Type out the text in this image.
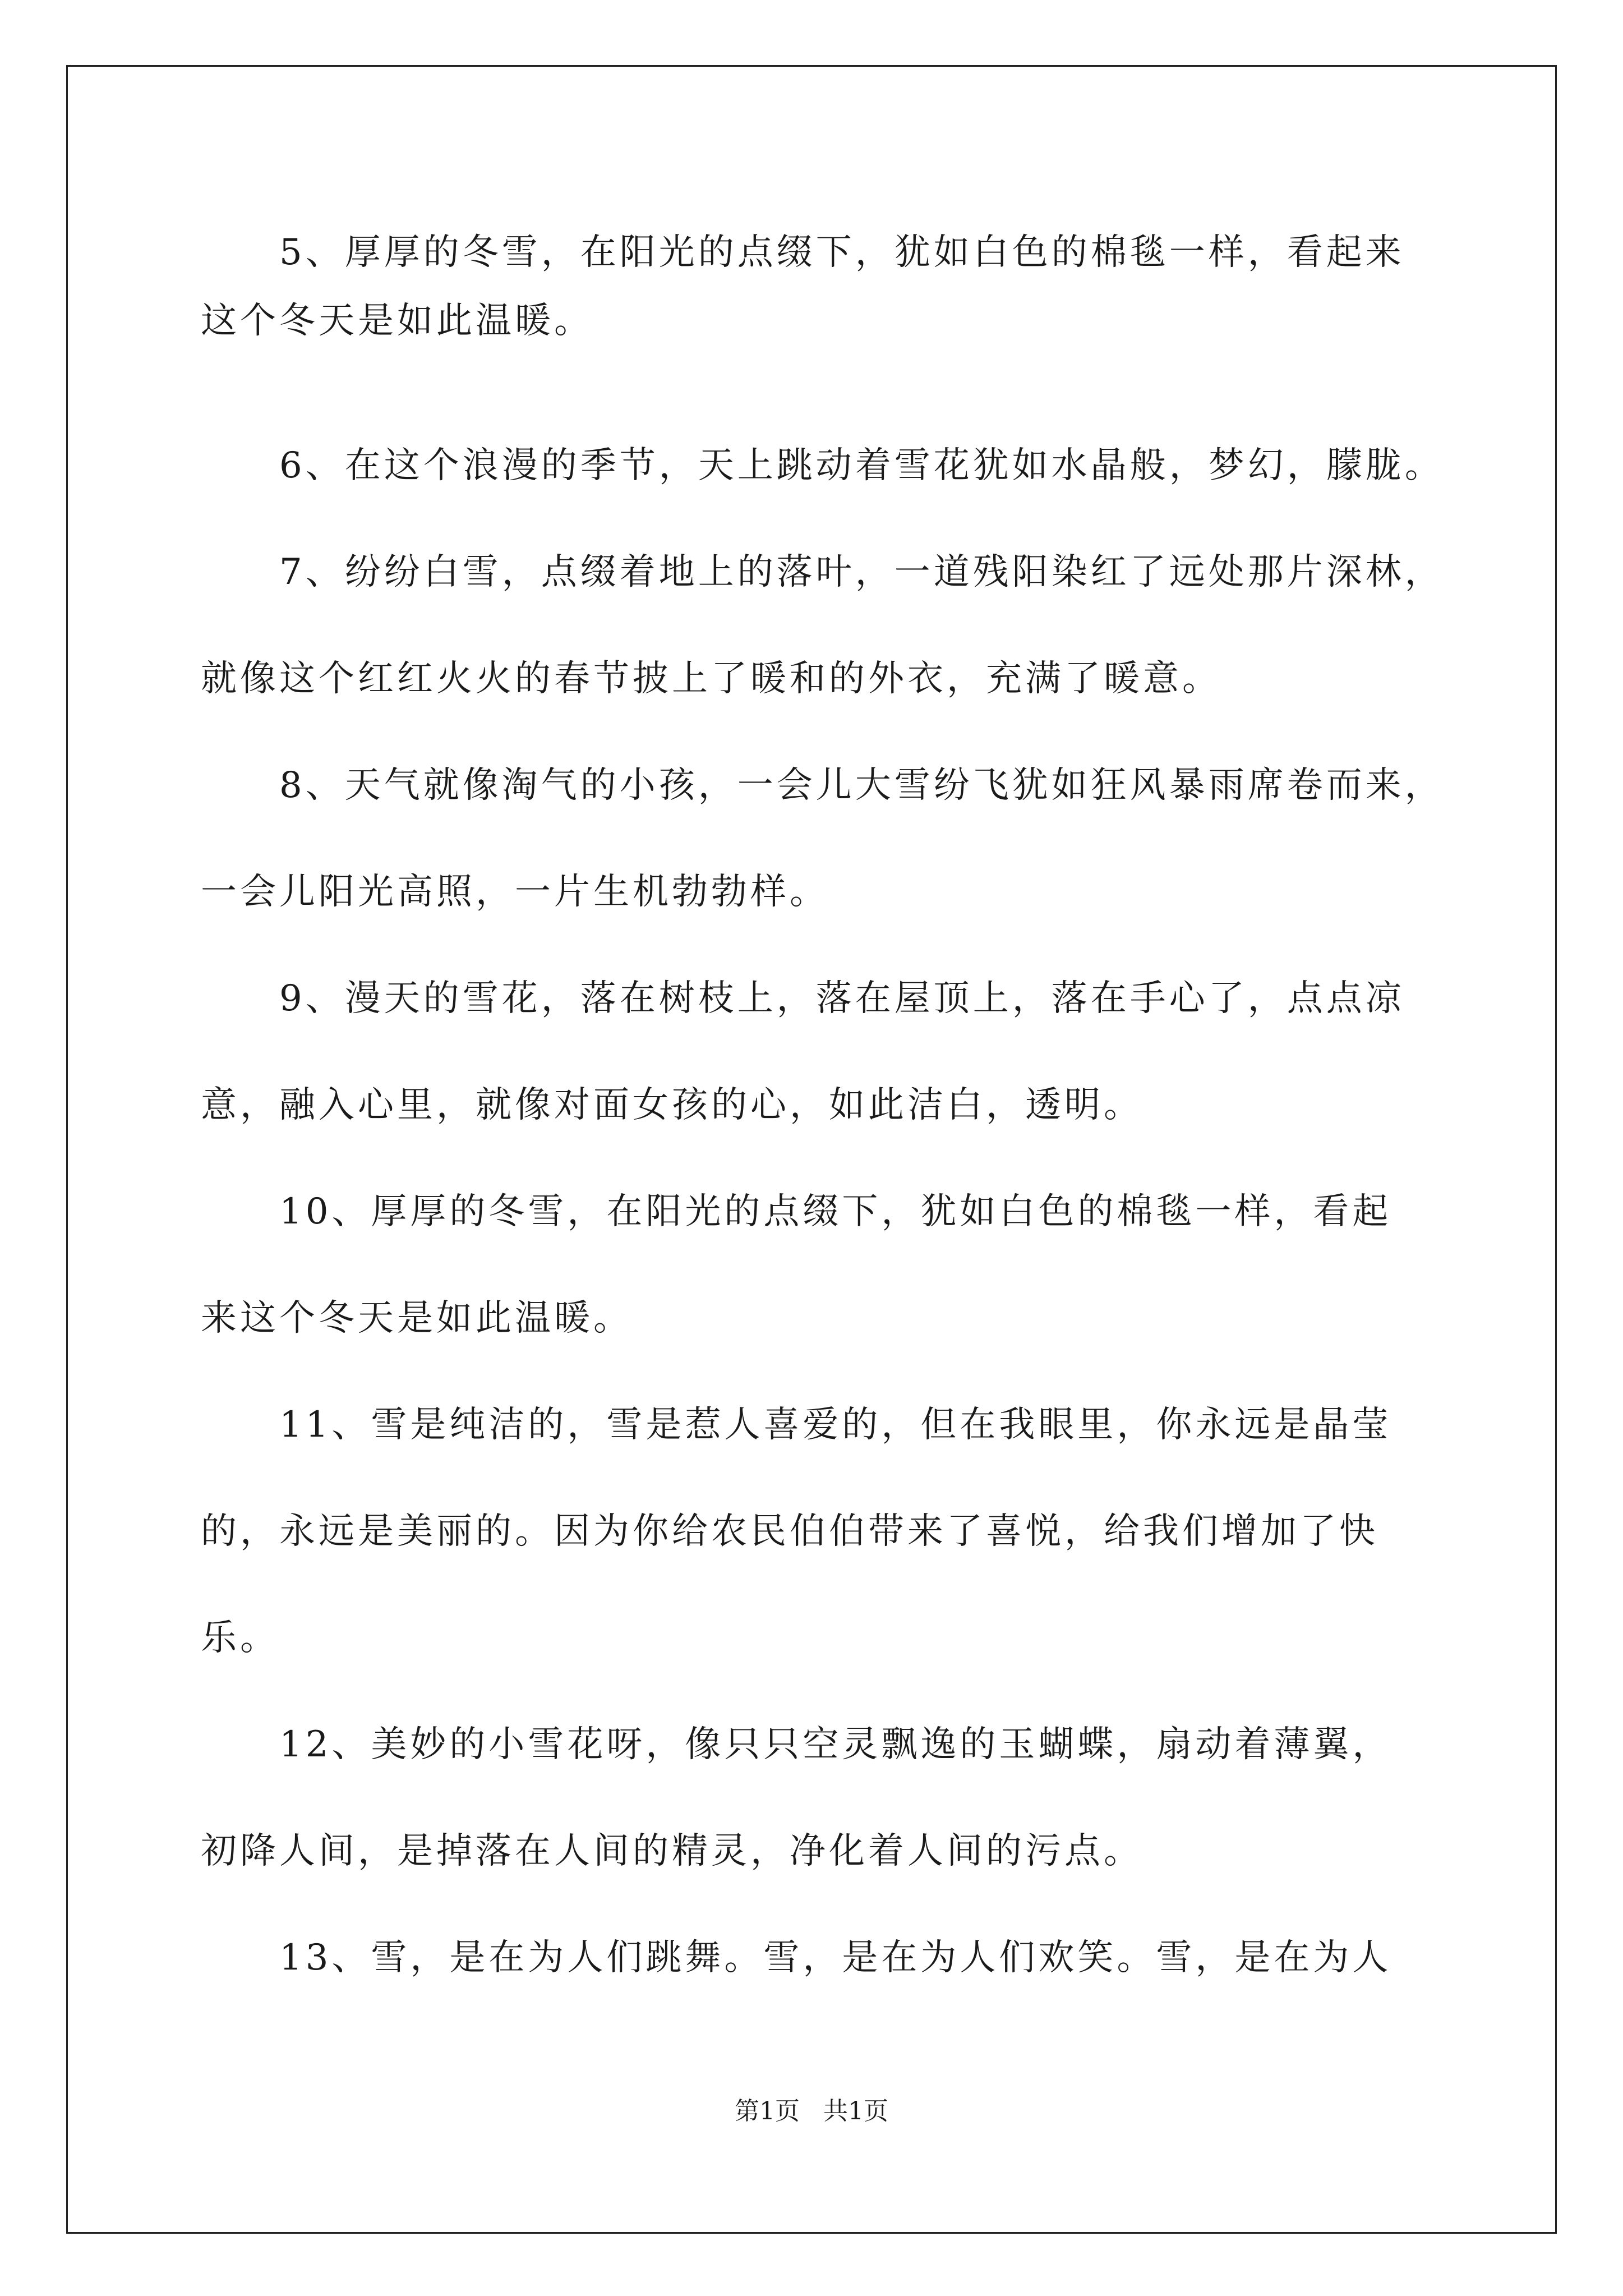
5、厚厚的冬雪，在阳光的点缀下，犹如白色的棉毯一样，看起来
这个冬天是如此温暖。
6、在这个浪漫的季节，天上跳动着雪花犹如水晶般，梦幻，朦胧。
7、纷纷白雪，点缀着地上的落叶，一道残阳染红了远处那片深林，
就像这个红红火火的春节披上了暖和的外衣，充满了暖意。
8、天气就像淘气的小孩，一会儿大雪纷飞犹如狂风暴雨席卷而来，
一会儿阳光高照，一片生机勃勃样。
9、漫天的雪花，落在树枝上，落在屋顶上，落在手心了，点点凉
意，融入心里，就像对面女孩的心，如此洁白，透明。
10、厚厚的冬雪，在阳光的点缀下，犹如白色的棉毯一样，看起
来这个冬天是如此温暖。
11、雪是纯洁的，雪是惹人喜爱的，但在我眼里，你永远是晶莹
的，永远是美丽的。因为你给农民伯伯带来了喜悦，给我们增加了快
乐。
12、美妙的小雪花呀，像只只空灵飘逸的玉蝴蝶，扇动着薄翼，
初降人间，是掉落在人间的精灵，净化着人间的污点。
13、雪，是在为人们跳舞。雪，是在为人们欢笑。雪，是在为人
第1页   共1页
